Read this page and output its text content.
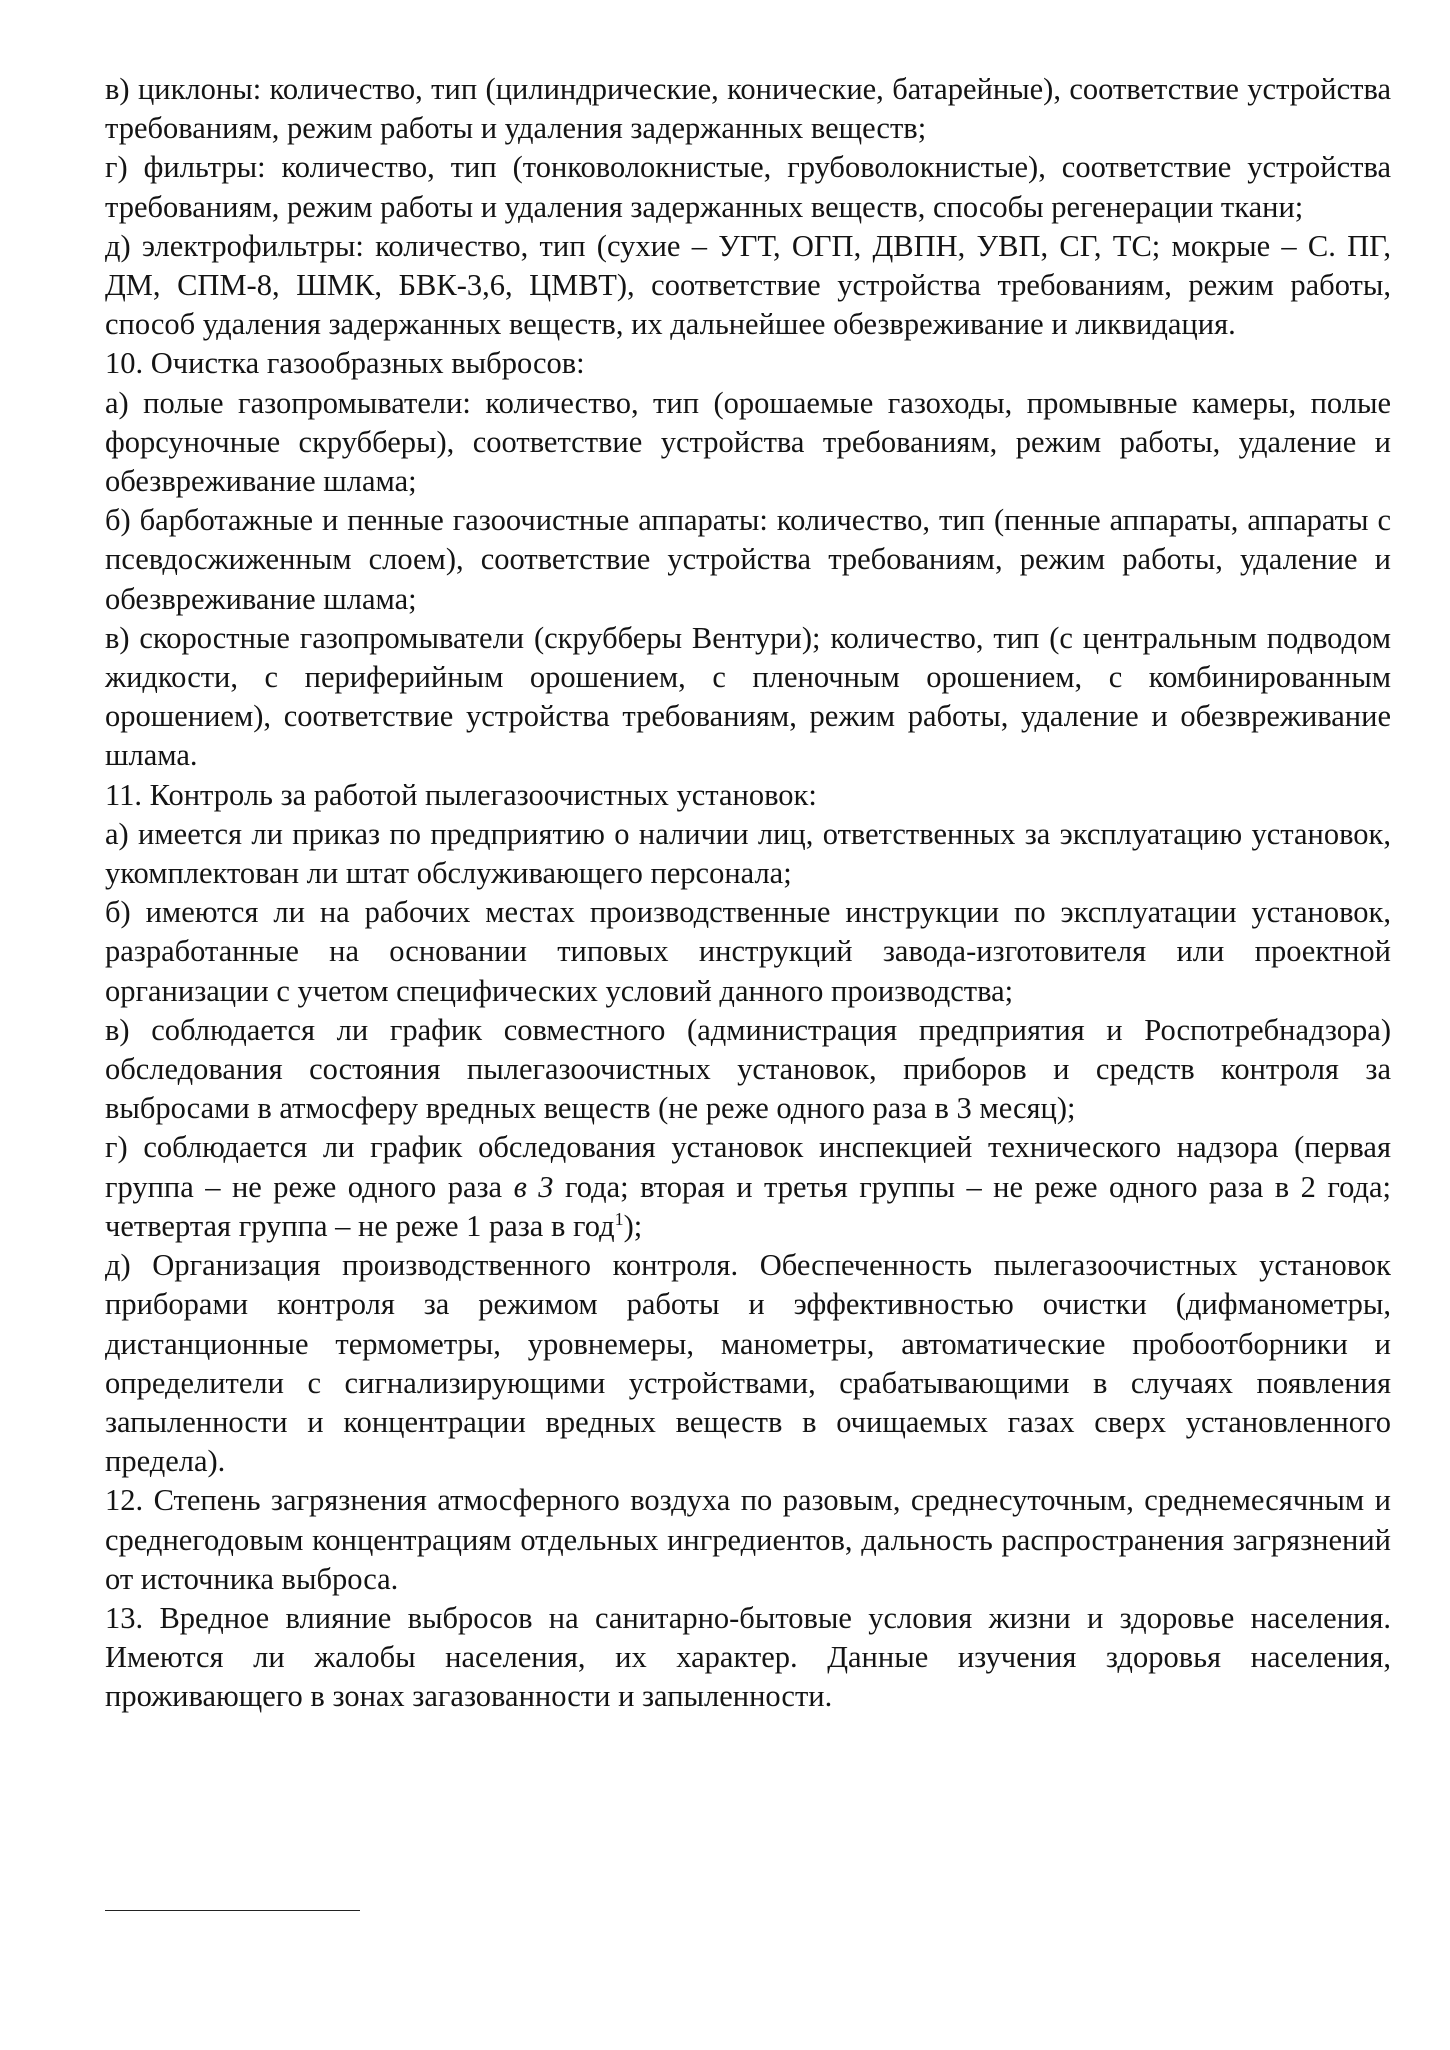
в) циклоны: количество, тип (цилиндрические, конические, батарейные), соответствие устройства требованиям, режим работы и удаления задержанных веществ;

г) фильтры: количество, тип (тонковолокнистые, грубоволокнистые), соответствие устройства требованиям, режим работы и удаления задержанных веществ, способы регенерации ткани;

д) электрофильтры: количество, тип (сухие – УГТ, ОГП, ДВПН, УВП, СГ, ТС; мокрые – С. ПГ, ДМ, СПМ-8, ШМК, БВК-3,6, ЦМВТ), соответствие устройства требованиям, режим работы, способ удаления задержанных веществ, их дальнейшее обезвреживание и ликвидация.

10. Очистка газообразных выбросов:

а) полые газопромыватели: количество, тип (орошаемые газоходы, промывные камеры, полые форсуночные скрубберы), соответствие устройства требованиям, режим работы, удаление и обезвреживание шлама;

б) барботажные и пенные газоочистные аппараты: количество, тип (пенные аппараты, аппараты с псевдосжиженным слоем), соответствие устройства требованиям, режим работы, удаление и обезвреживание шлама;

в) скоростные газопромыватели (скрубберы Вентури); количество, тип (с центральным подводом жидкости, с периферийным орошением, с пленочным орошением, с комбинированным орошением), соответствие устройства требованиям, режим работы, удаление и обезвреживание шлама.

11. Контроль за работой пылегазоочистных установок:

а) имеется ли приказ по предприятию о наличии лиц, ответственных за эксплуатацию установок, укомплектован ли штат обслуживающего персонала;

б) имеются ли на рабочих местах производственные инструкции по эксплуатации установок, разработанные на основании типовых инструкций завода-изготовителя или проектной организации с учетом специфических условий данного производства;

в) соблюдается ли график совместного (администрация предприятия и Роспотребнадзора) обследования состояния пылегазоочистных установок, приборов и средств контроля за выбросами в атмосферу вредных веществ (не реже одного раза в 3 месяц);

г) соблюдается ли график обследования установок инспекцией технического надзора (первая группа – не реже одного раза в 3 года; вторая и третья группы – не реже одного раза в 2 года; четвертая группа – не реже 1 раза в год$^1$);

д) Организация производственного контроля. Обеспеченность пылегазоочистных установок приборами контроля за режимом работы и эффективностью очистки (дифманометры, дистанционные термометры, уровнемеры, манометры, автоматические пробоотборники и определители с сигнализирующими устройствами, срабатывающими в случаях появления запыленности и концентрации вредных веществ в очищаемых газах сверх установленного предела).

12. Степень загрязнения атмосферного воздуха по разовым, среднесуточным, среднемесячным и среднегодовым концентрациям отдельных ингредиентов, дальность распространения загрязнений от источника выброса.

13. Вредное влияние выбросов на санитарно-бытовые условия жизни и здоровье населения. Имеются ли жалобы населения, их характер. Данные изучения здоровья населения, проживающего в зонах загазованности и запыленности.
